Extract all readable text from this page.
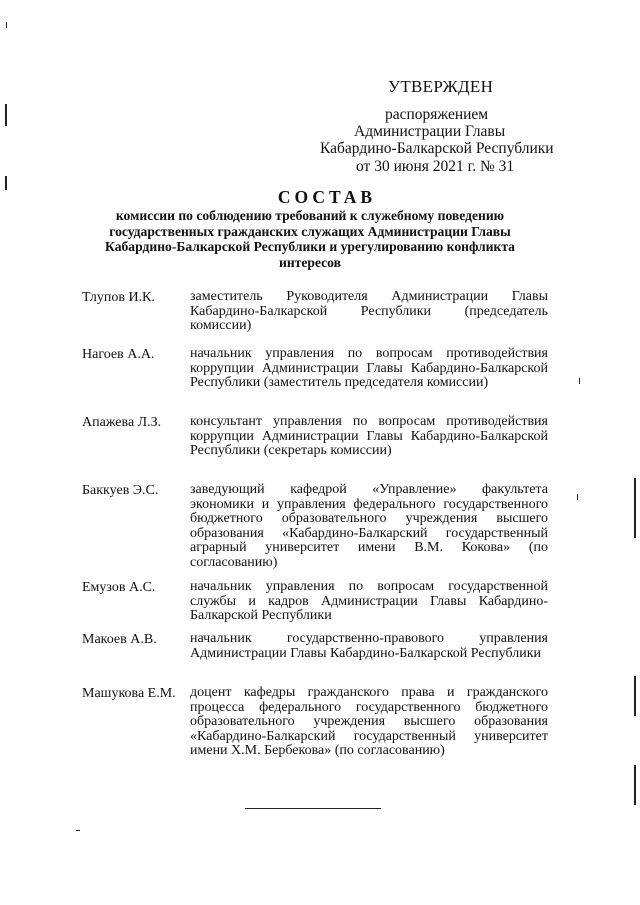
УТВЕРЖДЕН
распоряжением
Администрации Главы
Кабардино-Балкарской Республики
от 30 июня 2021 г. № 31
СОСТАВ
комиссии по соблюдению требований к служебному поведению государственных гражданских служащих Администрации Главы Кабардино-Балкарской Республики и урегулированию конфликта интересов
Тлупов И.К.	заместитель Руководителя Администрации Главы Кабардино-Балкарской Республики (председатель комиссии)
Нагоев А.А.	начальник управления по вопросам противодействия коррупции Администрации Главы Кабардино-Балкарской Республики (заместитель председателя комиссии)
Апажева Л.З. консультант управления по вопросам противодействия коррупции Администрации Главы Кабардино-Балкарской Республики (секретарь комиссии)
Баккуев Э.С. заведующий кафедрой «Управление» факультета экономики и управления федерального государственного бюджетного образовательного учреждения высшего образования «Кабардино-Балкарский государственный аграрный университет имени В.М. Кокова» (по согласованию)
Емузов А.С. начальник управления по вопросам государственной службы и кадров Администрации Главы Кабардино-Балкарской Республики
Макоев А.В. начальник государственно-правового управления Администрации Главы Кабардино-Балкарской Республики
Машукова Е.М. доцент кафедры гражданского права и гражданского процесса федерального государственного бюджетного образовательного учреждения высшего образования «Кабардино-Балкарский государственный университет имени Х.М. Бербекова» (по согласованию)
